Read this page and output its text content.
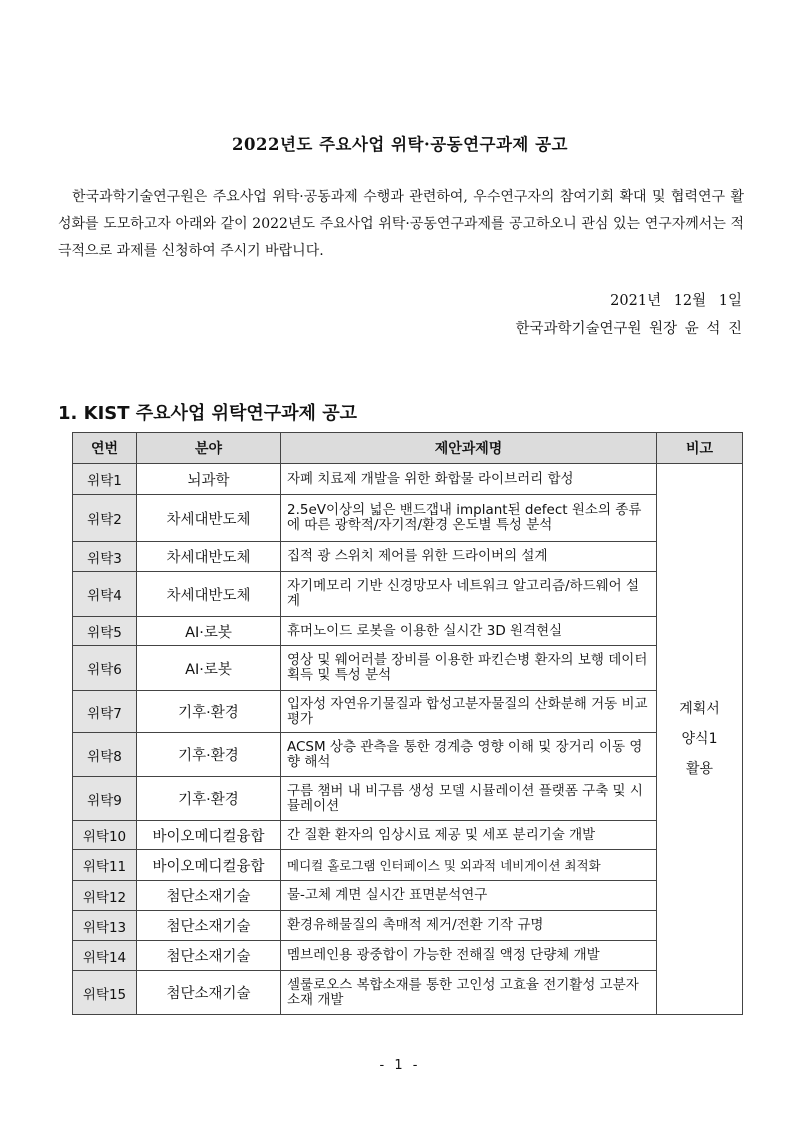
2022년도 주요사업 위탁·공동연구과제 공고
한국과학기술연구원은 주요사업 위탁·공동과제 수행과 관련하여, 우수연구자의 참여기회 확대 및 협력연구 활성화를 도모하고자 아래와 같이 2022년도 주요사업 위탁·공동연구과제를 공고하오니 관심 있는 연구자께서는 적극적으로 과제를 신청하여 주시기 바랍니다.
2021년 12월 1일
한국과학기술연구원 원장 윤 석 진
1. KIST 주요사업 위탁연구과제 공고
연번	분야	제안과제명	비고
위탁1	뇌과학	자폐 치료제 개발을 위한 화합물 라이브러리 합성	계획서
양식1
활용

위탁2	차세대반도체	2.5eV이상의 넓은 밴드갭내 implant된 defect 원소의 종류에 따른 광학적/자기적/환경 온도별 특성 분석	
위탁3	차세대반도체	집적 광 스위치 제어를 위한 드라이버의 설계	
위탁4	차세대반도체	자기메모리 기반 신경망모사 네트워크 알고리즘/하드웨어 설계	
위탁5	AI·로봇	휴머노이드 로봇을 이용한 실시간 3D 원격현실	
위탁6	AI·로봇	영상 및 웨어러블 장비를 이용한 파킨슨병 환자의 보행 데이터 획득 및 특성 분석	
위탁7	기후·환경	입자성 자연유기물질과 합성고분자물질의 산화분해 거동 비교평가	
위탁8	기후·환경	ACSM 상층 관측을 통한 경계층 영향 이해 및 장거리 이동 영향 해석	
위탁9	기후·환경	구름 챔버 내 비구름 생성 모델 시뮬레이션 플랫폼 구축 및 시뮬레이션	
위탁10	바이오메디컬융합	간 질환 환자의 임상시료 제공 및 세포 분리기술 개발	
위탁11	바이오메디컬융합	메디컬 홀로그램 인터페이스 및 외과적 네비게이션 최적화	
위탁12	첨단소재기술	물-고체 계면 실시간 표면분석연구	
위탁13	첨단소재기술	환경유해물질의 촉매적 제거/전환 기작 규명	
위탁14	첨단소재기술	멤브레인용 광중합이 가능한 전해질 액정 단량체 개발	
위탁15	첨단소재기술	셀룰로오스 복합소재를 통한 고인성 고효율 전기활성 고분자 소재 개발	
- 1 -
